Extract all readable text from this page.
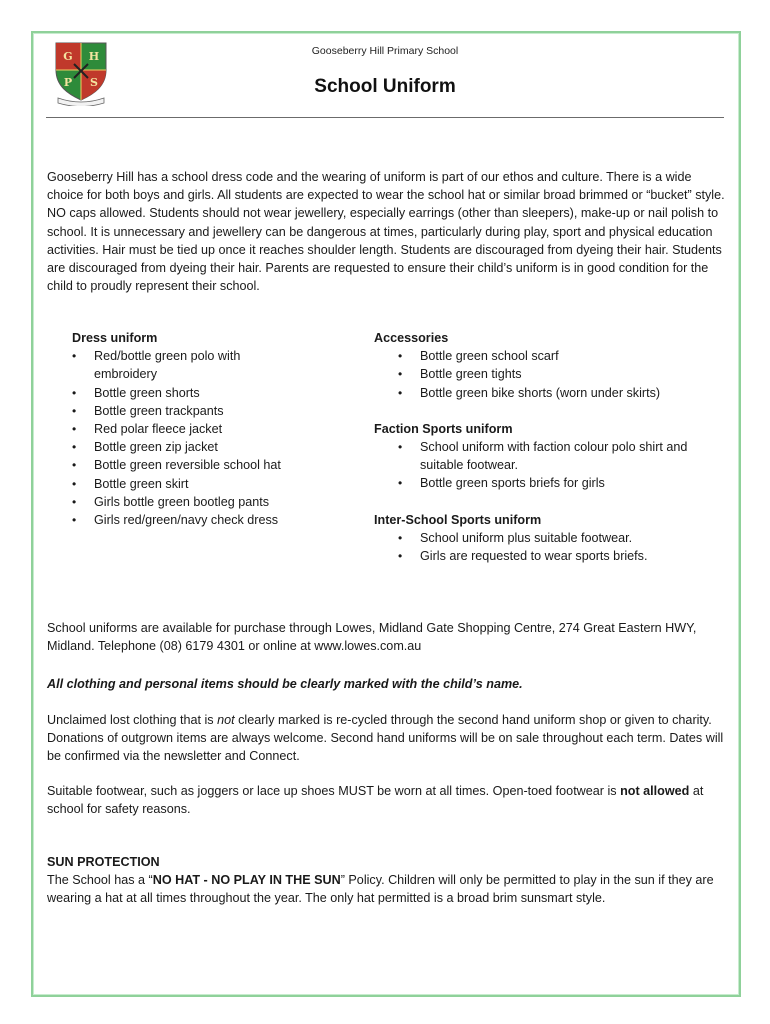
G H
P S
Gooseberry Hill Primary School
School Uniform

Gooseberry Hill has a school dress code and the wearing of uniform is part of our ethos and culture. There is a wide choice for both boys and girls. All students are expected to wear the school hat or similar broad brimmed or “bucket” style. NO caps allowed. Students should not wear jewellery, especially earrings (other than sleepers), make-up or nail polish to school. It is unnecessary and jewellery can be dangerous at times, particularly during play, sport and physical education activities. Hair must be tied up once it reaches shoulder length. Students are discouraged from dyeing their hair. Students are discouraged from dyeing their hair. Parents are requested to ensure their child’s uniform is in good condition for the child to proudly represent their school.

Dress uniform
• Red/bottle green polo with embroidery
• Bottle green shorts
• Bottle green trackpants
• Red polar fleece jacket
• Bottle green zip jacket
• Bottle green reversible school hat
• Bottle green skirt
• Girls bottle green bootleg pants
• Girls red/green/navy check dress
Accessories
• Bottle green school scarf
• Bottle green tights
• Bottle green bike shorts (worn under skirts)
Faction Sports uniform
• School uniform with faction colour polo shirt and suitable footwear.
• Bottle green sports briefs for girls
Inter-School Sports uniform
• School uniform plus suitable footwear.
• Girls are requested to wear sports briefs.

School uniforms are available for purchase through Lowes, Midland Gate Shopping Centre, 274 Great Eastern HWY, Midland. Telephone (08) 6179 4301 or online at www.lowes.com.au

All clothing and personal items should be clearly marked with the child’s name.

Unclaimed lost clothing that is not clearly marked is re-cycled through the second hand uniform shop or given to charity. Donations of outgrown items are always welcome. Second hand uniforms will be on sale throughout each term. Dates will be confirmed via the newsletter and Connect.

Suitable footwear, such as joggers or lace up shoes MUST be worn at all times. Open-toed footwear is not allowed at school for safety reasons.

SUN PROTECTION

The School has a “NO HAT - NO PLAY IN THE SUN” Policy. Children will only be permitted to play in the sun if they are wearing a hat at all times throughout the year. The only hat permitted is a broad brim sunsmart style.
